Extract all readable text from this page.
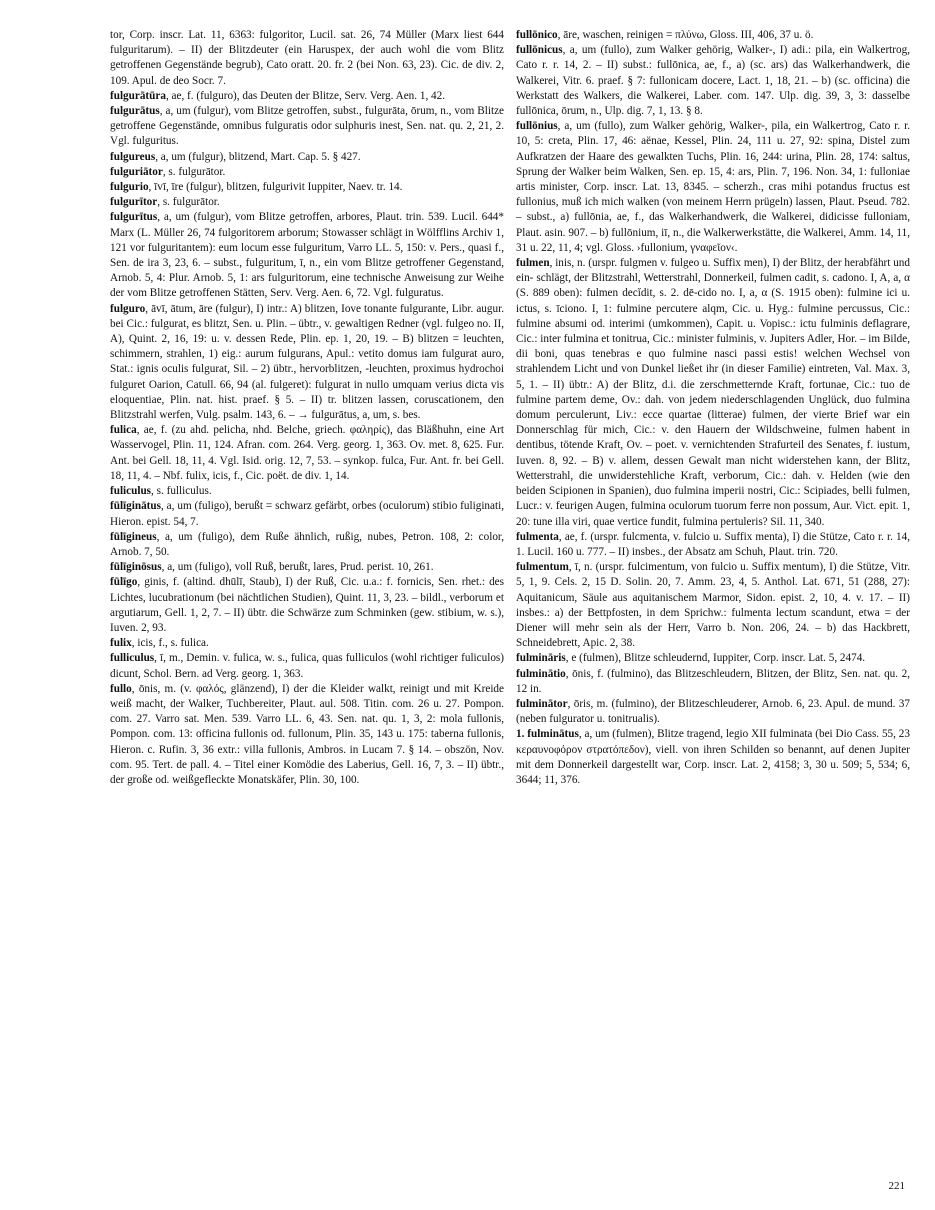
tor, Corp. inscr. Lat. 11, 6363: fulgoritor, Lucil. sat. 26, 74 Müller (Marx liest 644 fulguritarum). – II) der Blitzdeuter (ein Haruspex, der auch wohl die vom Blitz getroffenen Gegenstände begrub), Cato oratt. 20. fr. 2 (bei Non. 63, 23). Cic. de div. 2, 109. Apul. de deo Socr. 7.
fulgurātūra, ae, f. (fulguro), das Deuten der Blitze, Serv. Verg. Aen. 1, 42.
fulgurātus, a, um (fulgur), vom Blitze getroffen, subst., fulgurāta, ōrum, n., vom Blitze getroffene Gegenstände, omnibus fulguratis odor sulphuris inest, Sen. nat. qu. 2, 21, 2. Vgl. fulguritus.
fulgureus, a, um (fulgur), blitzend, Mart. Cap. 5. § 427.
fulguriātor, s. fulgurātor.
fulgurio, īvī, īre (fulgur), blitzen, fulgurivit Iuppiter, Naev. tr. 14.
fulgurītor, s. fulgurātor.
fulgurītus, a, um (fulgur), vom Blitze getroffen, arbores, Plaut. trin. 539. Lucil. 644* Marx (L. Müller 26, 74 fulgoritorem arborum; Stowasser schlägt in Wölfflins Archiv 1, 121 vor fulguritantem): eum locum esse fulguritum, Varro LL. 5, 150: v. Pers., quasi f., Sen. de ira 3, 23, 6. – subst., fulguritum, ī, n., ein vom Blitze getroffener Gegenstand, Arnob. 5, 4: Plur. Arnob. 5, 1: ars fulguritorum, eine technische Anweisung zur Weihe der vom Blitze getroffenen Stätten, Serv. Verg. Aen. 6, 72. Vgl. fulguratus.
fulguro, āvī, ātum, āre (fulgur), I) intr.: A) blitzen, Iove tonante fulgurante, Libr. augur. bei Cic.: fulgurat, es blitzt, Sen. u. Plin. – übtr., v. gewaltigen Redner (vgl. fulgeo no. II, A), Quint. 2, 16, 19: u. v. dessen Rede, Plin. ep. 1, 20, 19. – B) blitzen = leuchten, schimmern, strahlen, 1) eig.: aurum fulgurans, Apul.: vetito domus iam fulgurat auro, Stat.: ignis oculis fulgurat, Sil. – 2) übtr., hervorblitzen, -leuchten, proximus hydrochoi fulguret Oarion, Catull. 66, 94 (al. fulgeret): fulgurat in nullo umquam verius dicta vis eloquentiae, Plin. nat. hist. praef. § 5. – II) tr. blitzen lassen, coruscationem, den Blitzstrahl werfen, Vulg. psalm. 143, 6. – → fulgurātus, a, um, s. bes.
fulica, ae, f. (zu ahd. pelicha, nhd. Belche, griech. φαληρίς), das Bläßhuhn, eine Art Wasservogel, Plin. 11, 124. Afran. com. 264. Verg. georg. 1, 363. Ov. met. 8, 625. Fur. Ant. bei Gell. 18, 11, 4. Vgl. Isid. orig. 12, 7, 53. – synkop. fulca, Fur. Ant. fr. bei Gell. 18, 11, 4. – Nbf. fulix, icis, f., Cic. poët. de div. 1, 14.
fuliculus, s. fulliculus.
fūlīginātus, a, um (fuligo), berußt = schwarz gefärbt, orbes (oculorum) stibio fuliginati, Hieron. epist. 54, 7.
fūlīgineus, a, um (fuligo), dem Ruße ähnlich, rußig, nubes, Petron. 108, 2: color, Arnob. 7, 50.
fūlīginōsus, a, um (fuligo), voll Ruß, berußt, lares, Prud. perist. 10, 261.
fūlīgo, ginis, f. (altind. dhūlī, Staub), I) der Ruß, Cic. u.a.: f. fornicis, Sen. rhet.: des Lichtes, lucubrationum (bei nächtlichen Studien), Quint. 11, 3, 23. – bildl., verborum et argutiarum, Gell. 1, 2, 7. – II) übtr. die Schwärze zum Schminken (gew. stibium, w. s.), Iuven. 2, 93.
fulix, icis, f., s. fulica.
fulliculus, ī, m., Demin. v. fulica, w. s., fulica, quas fulliculos (wohl richtiger fuliculos) dicunt, Schol. Bern. ad Verg. georg. 1, 363.
fullo, ōnis, m. (v. φαλός, glänzend), I) der die Kleider walkt, reinigt und mit Kreide weiß macht, der Walker, Tuchbereiter, Plaut. aul. 508. Titin. com. 26 u. 27. Pompon. com. 27. Varro sat. Men. 539. Varro LL. 6, 43. Sen. nat. qu. 1, 3, 2: mola fullonis, Pompon. com. 13: officina fullonis od. fullonum, Plin. 35, 143 u. 175: taberna fullonis, Hieron. c. Rufin. 3, 36 extr.: villa fullonis, Ambros. in Lucam 7. § 14. – obszön, Nov. com. 95. Tert. de pall. 4. – Titel einer Komödie des Laberius, Gell. 16, 7, 3. – II) übtr., der große od. weißgefleckte Monatskäfer, Plin. 30, 100.
fullōnico, āre, waschen, reinigen = πλύνω, Gloss. III, 406, 37 u. ö.
fullōnicus, a, um (fullo), zum Walker gehörig, Walker-, I) adi.: pila, ein Walkertrog, Cato r. r. 14, 2. – II) subst.: fullōnica, ae, f., a) (sc. ars) das Walkerhandwerk, die Walkerei, Vitr. 6. praef. § 7: fullonicam docere, Lact. 1, 18, 21. – b) (sc. officina) die Werkstatt des Walkers, die Walkerei, Laber. com. 147. Ulp. dig. 39, 3, 3: dasselbe fullōnica, ōrum, n., Ulp. dig. 7, 1, 13. § 8.
fullōnius, a, um (fullo), zum Walker gehörig, Walker-, pila, ein Walkertrog, Cato r. r. 10, 5: creta, Plin. 17, 46: aënae, Kessel, Plin. 24, 111 u. 27, 92: spina, Distel zum Aufkratzen der Haare des gewalkten Tuchs, Plin. 16, 244: urina, Plin. 28, 174: saltus, Sprung der Walker beim Walken, Sen. ep. 15, 4: ars, Plin. 7, 196. Non. 34, 1: fulloniae artis minister, Corp. inscr. Lat. 13, 8345. – scherzh., cras mihi potandus fructus est fullonius, muß ich mich walken (von meinem Herrn prügeln) lassen, Plaut. Pseud. 782. – subst., a) fullōnia, ae, f., das Walkerhandwerk, die Walkerei, didicisse fulloniam, Plaut. asin. 907. – b) fullōnium, iī, n., die Walkerwerkstätte, die Walkerei, Amm. 14, 11, 31 u. 22, 11, 4; vgl. Gloss. ›fullonium, γναφεῖον‹.
fulmen, inis, n. (urspr. fulgmen v. fulgeo u. Suffix men), I) der Blitz, der herabfährt und ein- schlägt, der Blitzstrahl, Wetterstrahl, Donnerkeil, fulmen cadit, s. cadono. I, A, a, α (S. 889 oben): fulmen decĭdit, s. 2. dē-cido no. I, a, α (S. 1915 oben): fulmine ici u. ictus, s. īcionо. I, 1: fulmine percutere alqm, Cic. u. Hyg.: fulmine percussus, Cic.: fulmine absumi od. interimi (umkommen), Capit. u. Vopisc.: ictu fulminis deflagrare, Cic.: inter fulmina et tonitrua, Cic.: minister fulminis, v. Jupiters Adler, Hor. – im Bilde, dii boni, quas tenebras e quo fulmine nasci passi estis! welchen Wechsel von strahlendem Licht und von Dunkel ließet ihr (in dieser Familie) eintreten, Val. Max. 3, 5, 1. – II) übtr.: A) der Blitz, d.i. die zerschmetternde Kraft, fortunae, Cic.: tuo de fulmine partem deme, Ov.: dah. von jedem niederschlagenden Unglück, duo fulmina domum perculerunt, Liv.: ecce quartae (litterae) fulmen, der vierte Brief war ein Donnerschlag für mich, Cic.: v. den Hauern der Wildschweine, fulmen habent in dentibus, tötende Kraft, Ov. – poet. v. vernichtenden Strafurteil des Senates, f. iustum, Iuven. 8, 92. – B) v. allem, dessen Gewalt man nicht widerstehen kann, der Blitz, Wetterstrahl, die unwiderstehliche Kraft, verborum, Cic.: dah. v. Helden (wie den beiden Scipionen in Spanien), duo fulmina imperii nostri, Cic.: Scipiades, belli fulmen, Lucr.: v. feurigen Augen, fulmina oculorum tuorum ferre non possum, Aur. Vict. epit. 1, 20: tune illa viri, quae vertice fundit, fulmina pertuleris? Sil. 11, 340.
fulmenta, ae, f. (urspr. fulcmenta, v. fulcio u. Suffix menta), I) die Stütze, Cato r. r. 14, 1. Lucil. 160 u. 777. – II) insbes., der Absatz am Schuh, Plaut. trin. 720.
fulmentum, ī, n. (urspr. fulcimentum, von fulcio u. Suffix mentum), I) die Stütze, Vitr. 5, 1, 9. Cels. 2, 15 D. Solin. 20, 7. Amm. 23, 4, 5. Anthol. Lat. 671, 51 (288, 27): Aquitanicum, Säule aus aquitanischem Marmor, Sidon. epist. 2, 10, 4. v. 17. – II) insbes.: a) der Bettpfosten, in dem Sprichw.: fulmenta lectum scandunt, etwa = der Diener will mehr sein als der Herr, Varro b. Non. 206, 24. – b) das Hackbrett, Schneidebrett, Apic. 2, 38.
fulmināris, e (fulmen), Blitze schleudernd, Iuppiter, Corp. inscr. Lat. 5, 2474.
fulminātio, ōnis, f. (fulmino), das Blitzeschleudern, Blitzen, der Blitz, Sen. nat. qu. 2, 12 in.
fulminātor, ōris, m. (fulmino), der Blitzeschleuderer, Arnob. 6, 23. Apul. de mund. 37 (neben fulgurator u. tonitrualis).
1. fulminātus, a, um (fulmen), Blitze tragend, legio XII fulminata (bei Dio Cass. 55, 23 κεραυνοφόρον στρατόπεδον), viell. von ihren Schilden so benannt, auf denen Jupiter mit dem Donnerkeil dargestellt war, Corp. inscr. Lat. 2, 4158; 3, 30 u. 509; 5, 534; 6, 3644; 11, 376.
221
